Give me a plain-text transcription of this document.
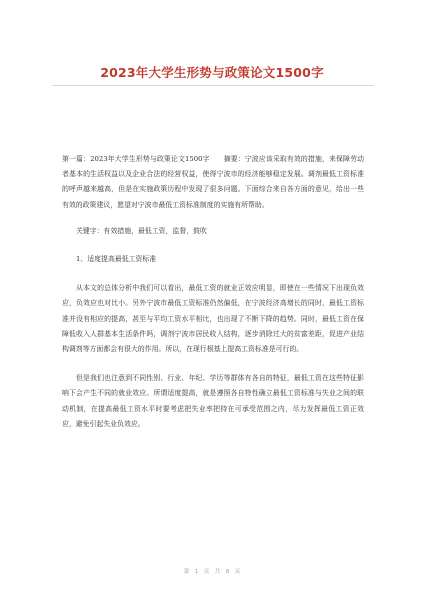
2023年大学生形势与政策论文1500字

第一篇：2023年大学生形势与政策论文1500字　　摘要：宁波应该采取有效的措施，来保障劳动者基本的生活权益以及企业合法的经营权益，使得宁波市的经济能够稳定发展。调剂最低工资标准的呼声越来越高，但是在实施政策历程中发现了很多问题。下面综合来自各方面的意见，给出一些有效的政策建议，愿望对宁波市最低工资标准制度的实施有所帮助。

关键字：有效措施，最低工资，监督，鼓吹

1、适度提高最低工资标准

从本文的总体分析中我们可以看出，最低工资的就业正效应明显，即使在一些情况下出现负效应，负效应也对比小。另外宁波市最低工资标准仍然偏低，在宁波经济高增长的同时，最低工资标准并没有相应的提高，甚至与平均工资水平相比，也出现了不断下降的趋势。同时，最低工资在保障低收入人群基本生活条件吗，调剂宁波市居民收入结构，逐步消除过大的贫富差距，促进产业结构调剂等方面都会有很大的作用。所以，在现行根基上提高工资标准是可行的。

但是我们也注意到不同性别、行业、年纪、学历等群体有各自的特征，最低工资在这些特征影响下会产生不同的就业效应。所谓适度提高，就是遵照各自特性确立最低工资标准与失业之间的联动机制，在提高最低工资水平时要考虑把失业率把持在可承受范围之内，尽力发挥最低工资正效应，避免引起失业负效应。

第　1　页　共　8　页
